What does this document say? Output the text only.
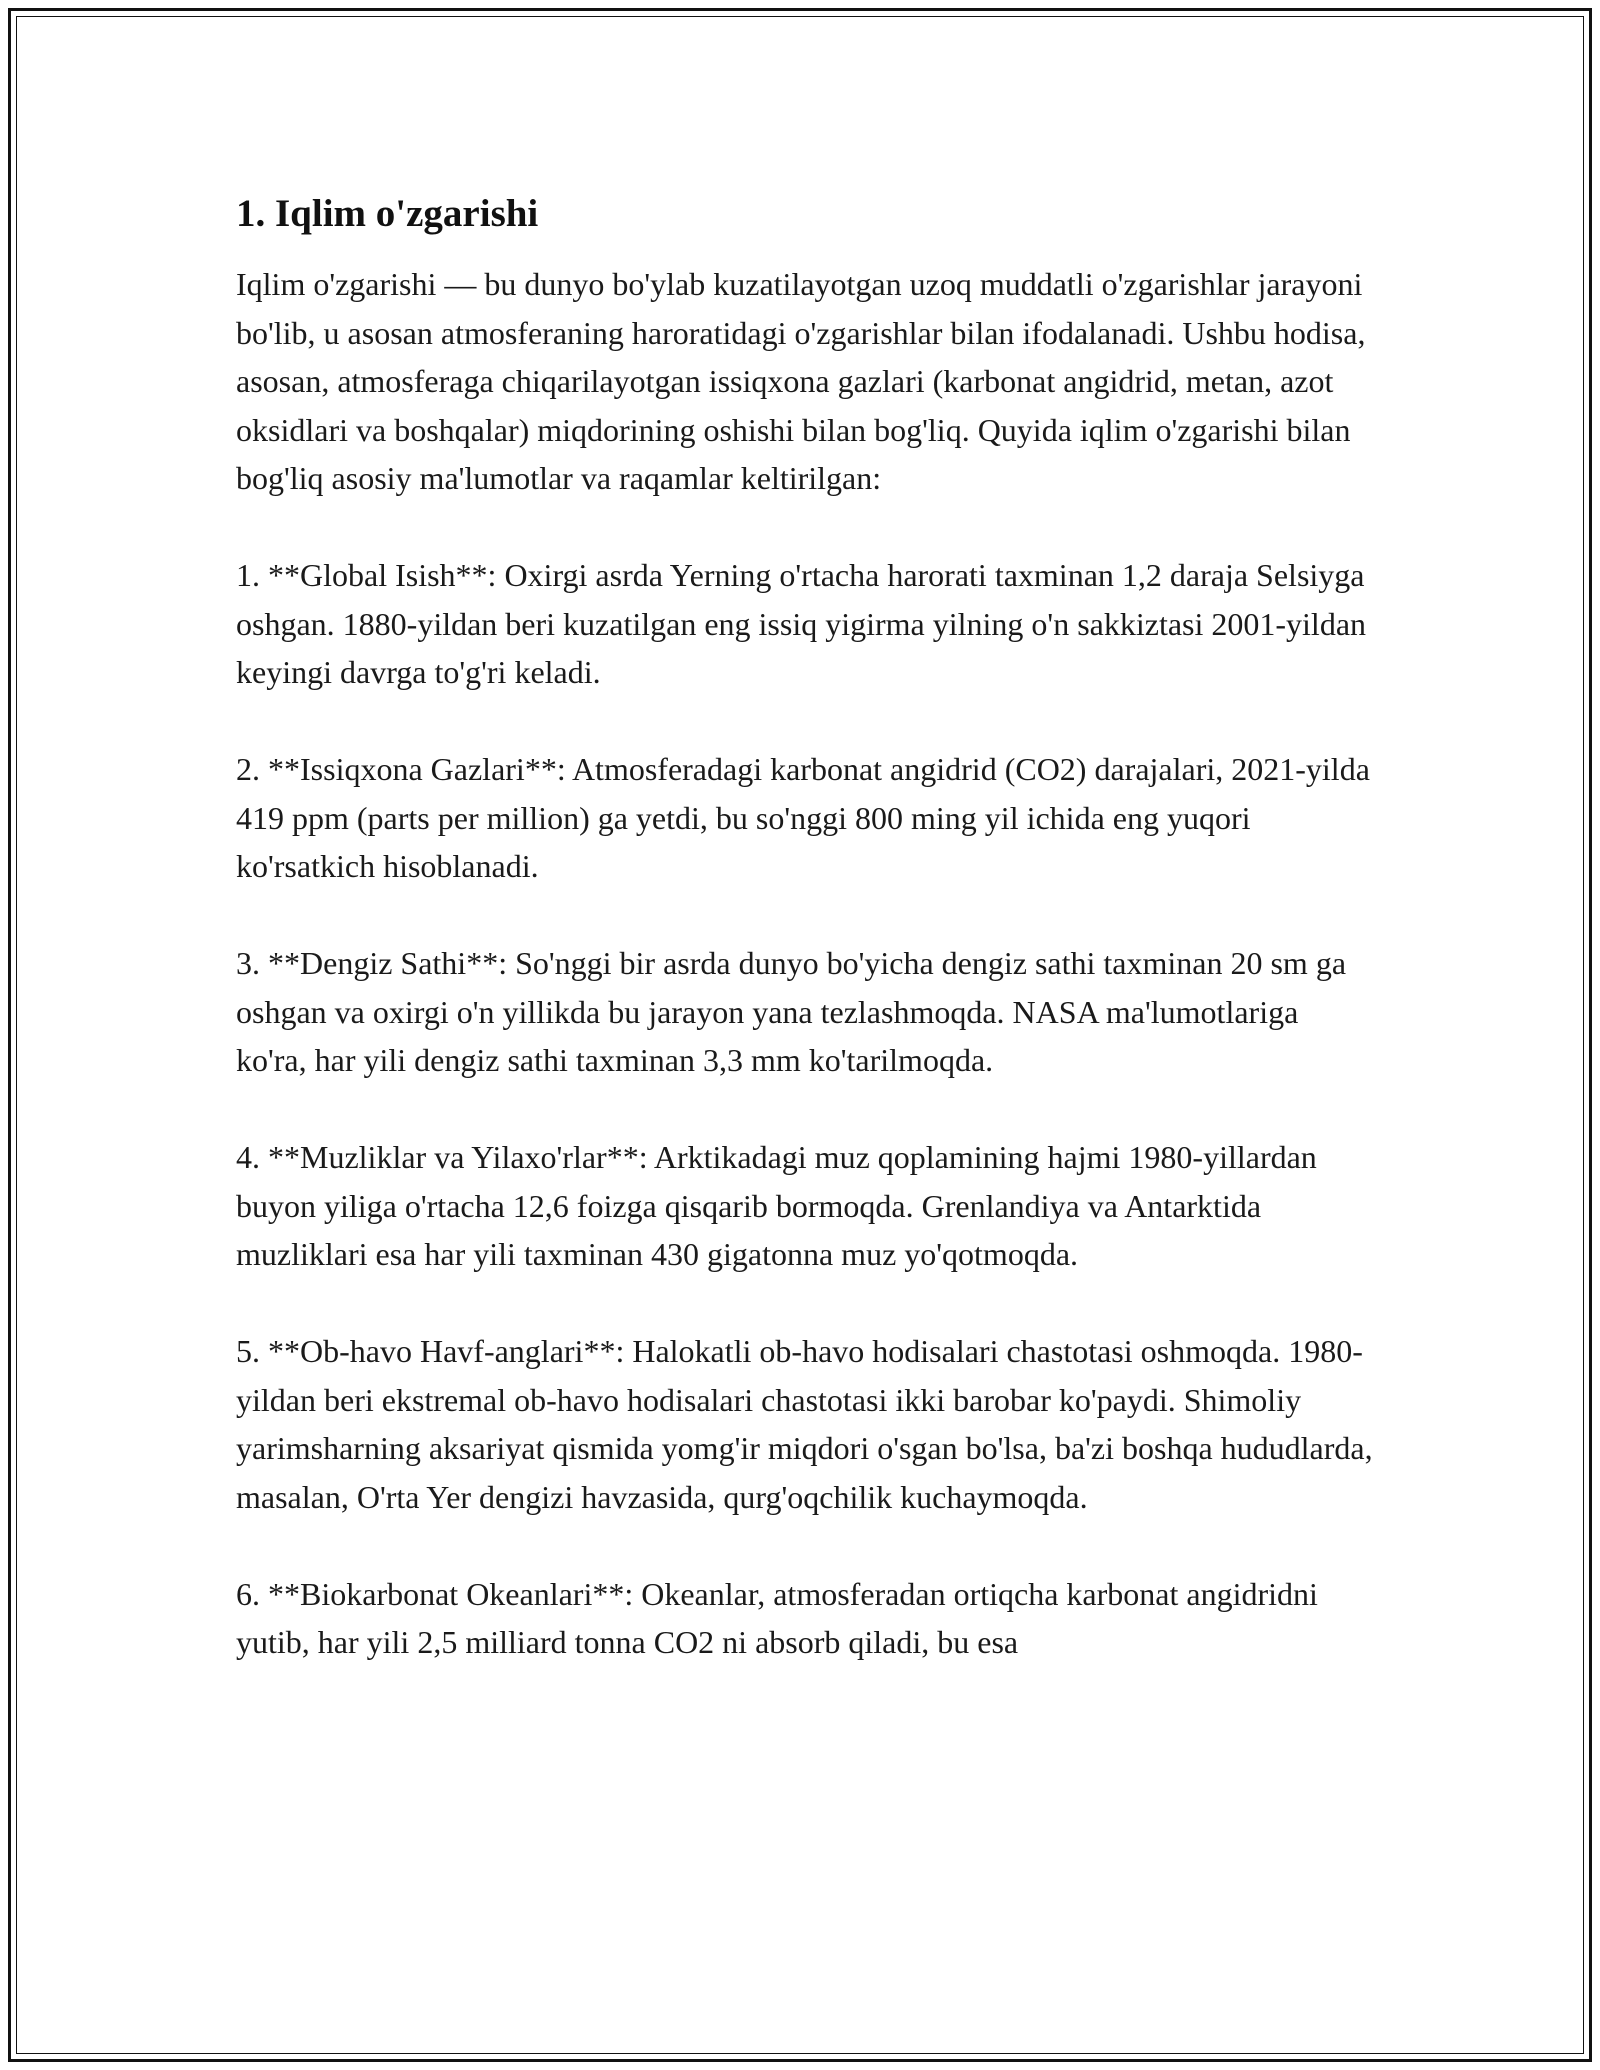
1. Iqlim o'zgarishi

Iqlim o'zgarishi — bu dunyo bo'ylab kuzatilayotgan uzoq muddatli o'zgarishlar jarayoni bo'lib, u asosan atmosferaning haroratidagi o'zgarishlar bilan ifodalanadi. Ushbu hodisa, asosan, atmosferaga chiqarilayotgan issiqxona gazlari (karbonat angidrid, metan, azot oksidlari va boshqalar) miqdorining oshishi bilan bog'liq. Quyida iqlim o'zgarishi bilan bog'liq asosiy ma'lumotlar va raqamlar keltirilgan:

1. **Global Isish**: Oxirgi asrda Yerning o'rtacha harorati taxminan 1,2 daraja Selsiyga oshgan. 1880-yildan beri kuzatilgan eng issiq yigirma yilning o'n sakkiztasi 2001-yildan keyingi davrga to'g'ri keladi.

2. **Issiqxona Gazlari**: Atmosferadagi karbonat angidrid (CO2) darajalari, 2021-yilda 419 ppm (parts per million) ga yetdi, bu so'nggi 800 ming yil ichida eng yuqori ko'rsatkich hisoblanadi.

3. **Dengiz Sathi**: So'nggi bir asrda dunyo bo'yicha dengiz sathi taxminan 20 sm ga oshgan va oxirgi o'n yillikda bu jarayon yana tezlashmoqda. NASA ma'lumotlariga ko'ra, har yili dengiz sathi taxminan 3,3 mm ko'tarilmoqda.

4. **Muzliklar va Yilaxo'rlar**: Arktikadagi muz qoplamining hajmi 1980-yillardan buyon yiliga o'rtacha 12,6 foizga qisqarib bormoqda. Grenlandiya va Antarktida muzliklari esa har yili taxminan 430 gigatonna muz yo'qotmoqda.

5. **Ob-havo Havf-anglari**: Halokatli ob-havo hodisalari chastotasi oshmoqda. 1980-yildan beri ekstremal ob-havo hodisalari chastotasi ikki barobar ko'paydi. Shimoliy yarimsharning aksariyat qismida yomg'ir miqdori o'sgan bo'lsa, ba'zi boshqa hududlarda, masalan, O'rta Yer dengizi havzasida, qurg'oqchilik kuchaymoqda.

6. **Biokarbonat Okeanlari**: Okeanlar, atmosferadan ortiqcha karbonat angidridni yutib, har yili 2,5 milliard tonna CO2 ni absorb qiladi, bu esa
